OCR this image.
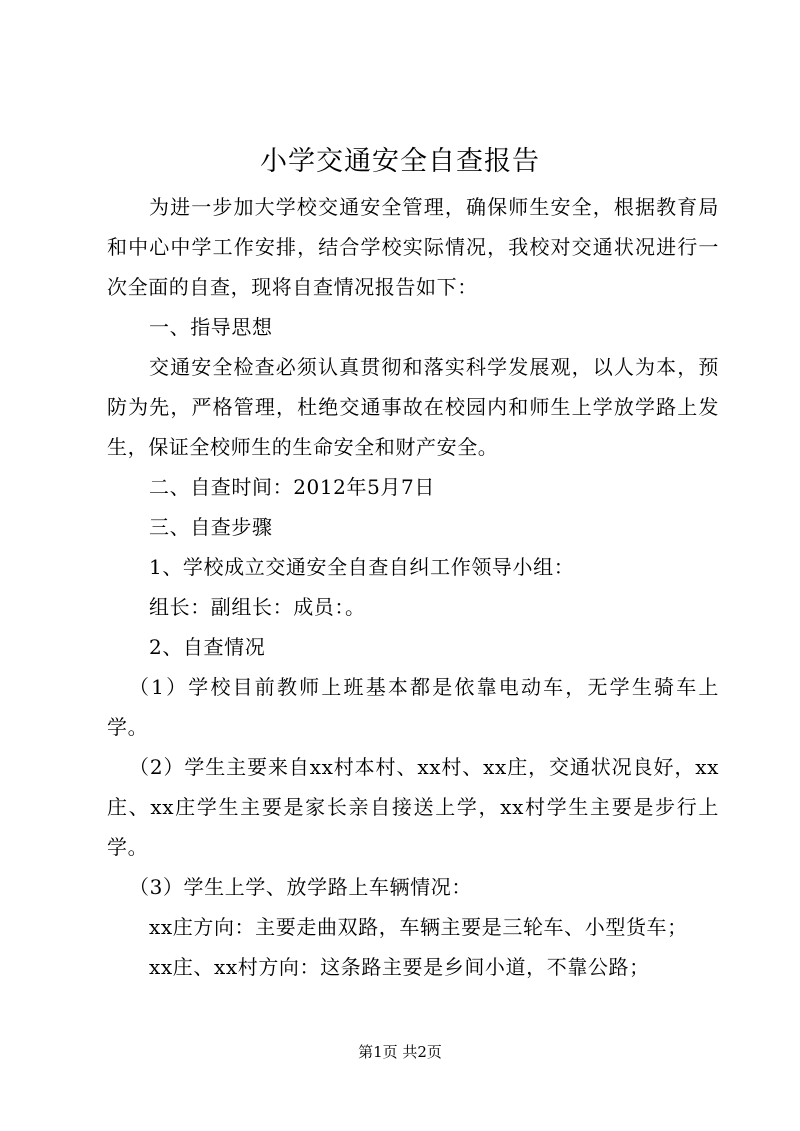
小学交通安全自查报告

为进一步加大学校交通安全管理，确保师生安全，根据教育局和中心中学工作安排，结合学校实际情况，我校对交通状况进行一次全面的自查，现将自查情况报告如下：

一、指导思想

交通安全检查必须认真贯彻和落实科学发展观，以人为本，预防为先，严格管理，杜绝交通事故在校园内和师生上学放学路上发生，保证全校师生的生命安全和财产安全。

二、自查时间：2012年5月7日

三、自查步骤

1、学校成立交通安全自查自纠工作领导小组：

组长：副组长：成员：。

2、自查情况

（1）学校目前教师上班基本都是依靠电动车，无学生骑车上学。

（2）学生主要来自xx村本村、xx村、xx庄，交通状况良好，xx庄、xx庄学生主要是家长亲自接送上学，xx村学生主要是步行上学。

（3）学生上学、放学路上车辆情况：

xx庄方向：主要走曲双路，车辆主要是三轮车、小型货车；

xx庄、xx村方向：这条路主要是乡间小道，不靠公路；

第1页 共2页
